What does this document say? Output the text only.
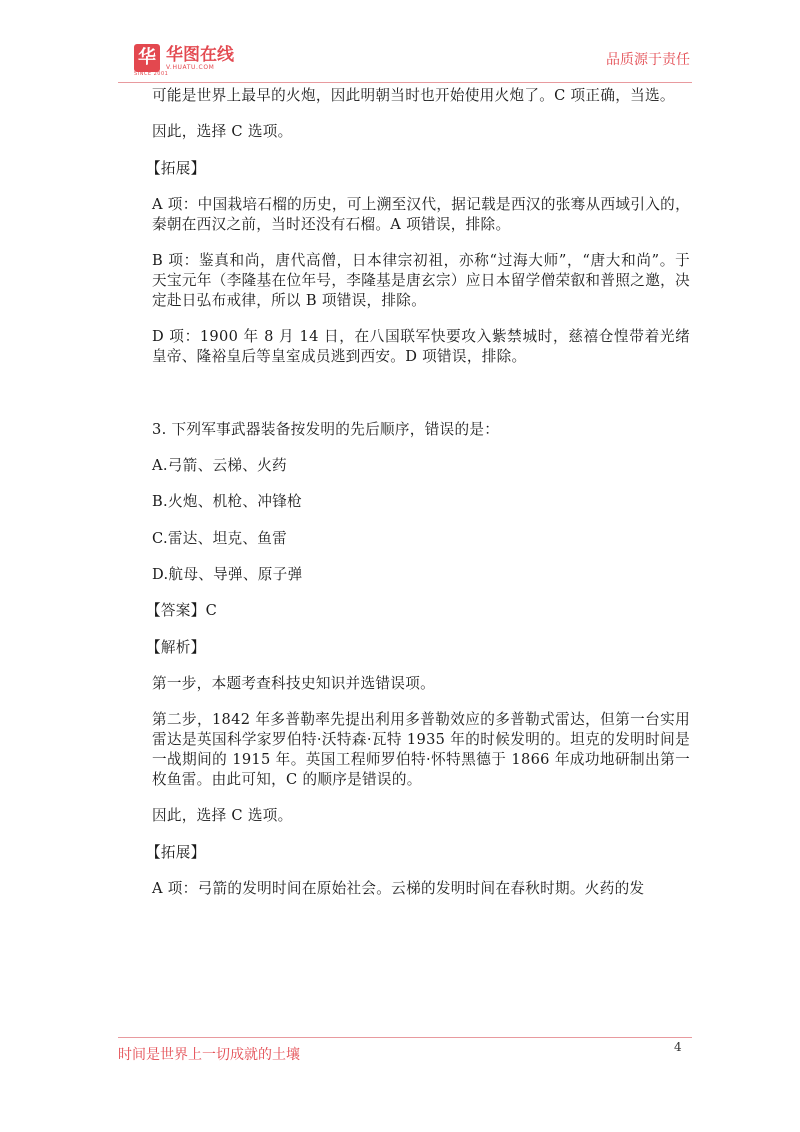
华
SINCE 2001
华图在线
V.HUATU.COM	品质源于责任

可能是世界上最早的火炮，因此明朝当时也开始使用火炮了。C 项正确，当选。

因此，选择 C 选项。

【拓展】

A 项：中国栽培石榴的历史，可上溯至汉代，据记载是西汉的张骞从西域引入的，秦朝在西汉之前，当时还没有石榴。A 项错误，排除。

B 项：鉴真和尚，唐代高僧，日本律宗初祖，亦称“过海大师”，“唐大和尚”。于天宝元年（李隆基在位年号，李隆基是唐玄宗）应日本留学僧荣叡和普照之邀，决定赴日弘布戒律，所以 B 项错误，排除。

D 项：1900 年 8 月 14 日，在八国联军快要攻入紫禁城时，慈禧仓惶带着光绪皇帝、隆裕皇后等皇室成员逃到西安。D 项错误，排除。

3. 下列军事武器装备按发明的先后顺序，错误的是：

A.弓箭、云梯、火药

B.火炮、机枪、冲锋枪

C.雷达、坦克、鱼雷

D.航母、导弹、原子弹

【答案】C

【解析】

第一步，本题考查科技史知识并选错误项。

第二步，1842 年多普勒率先提出利用多普勒效应的多普勒式雷达，但第一台实用雷达是英国科学家罗伯特·沃特森·瓦特 1935 年的时候发明的。坦克的发明时间是一战期间的 1915 年。英国工程师罗伯特·怀特黑德于 1866 年成功地研制出第一枚鱼雷。由此可知，C 的顺序是错误的。

因此，选择 C 选项。

【拓展】

A 项：弓箭的发明时间在原始社会。云梯的发明时间在春秋时期。火药的发

时间是世界上一切成就的土壤	4
